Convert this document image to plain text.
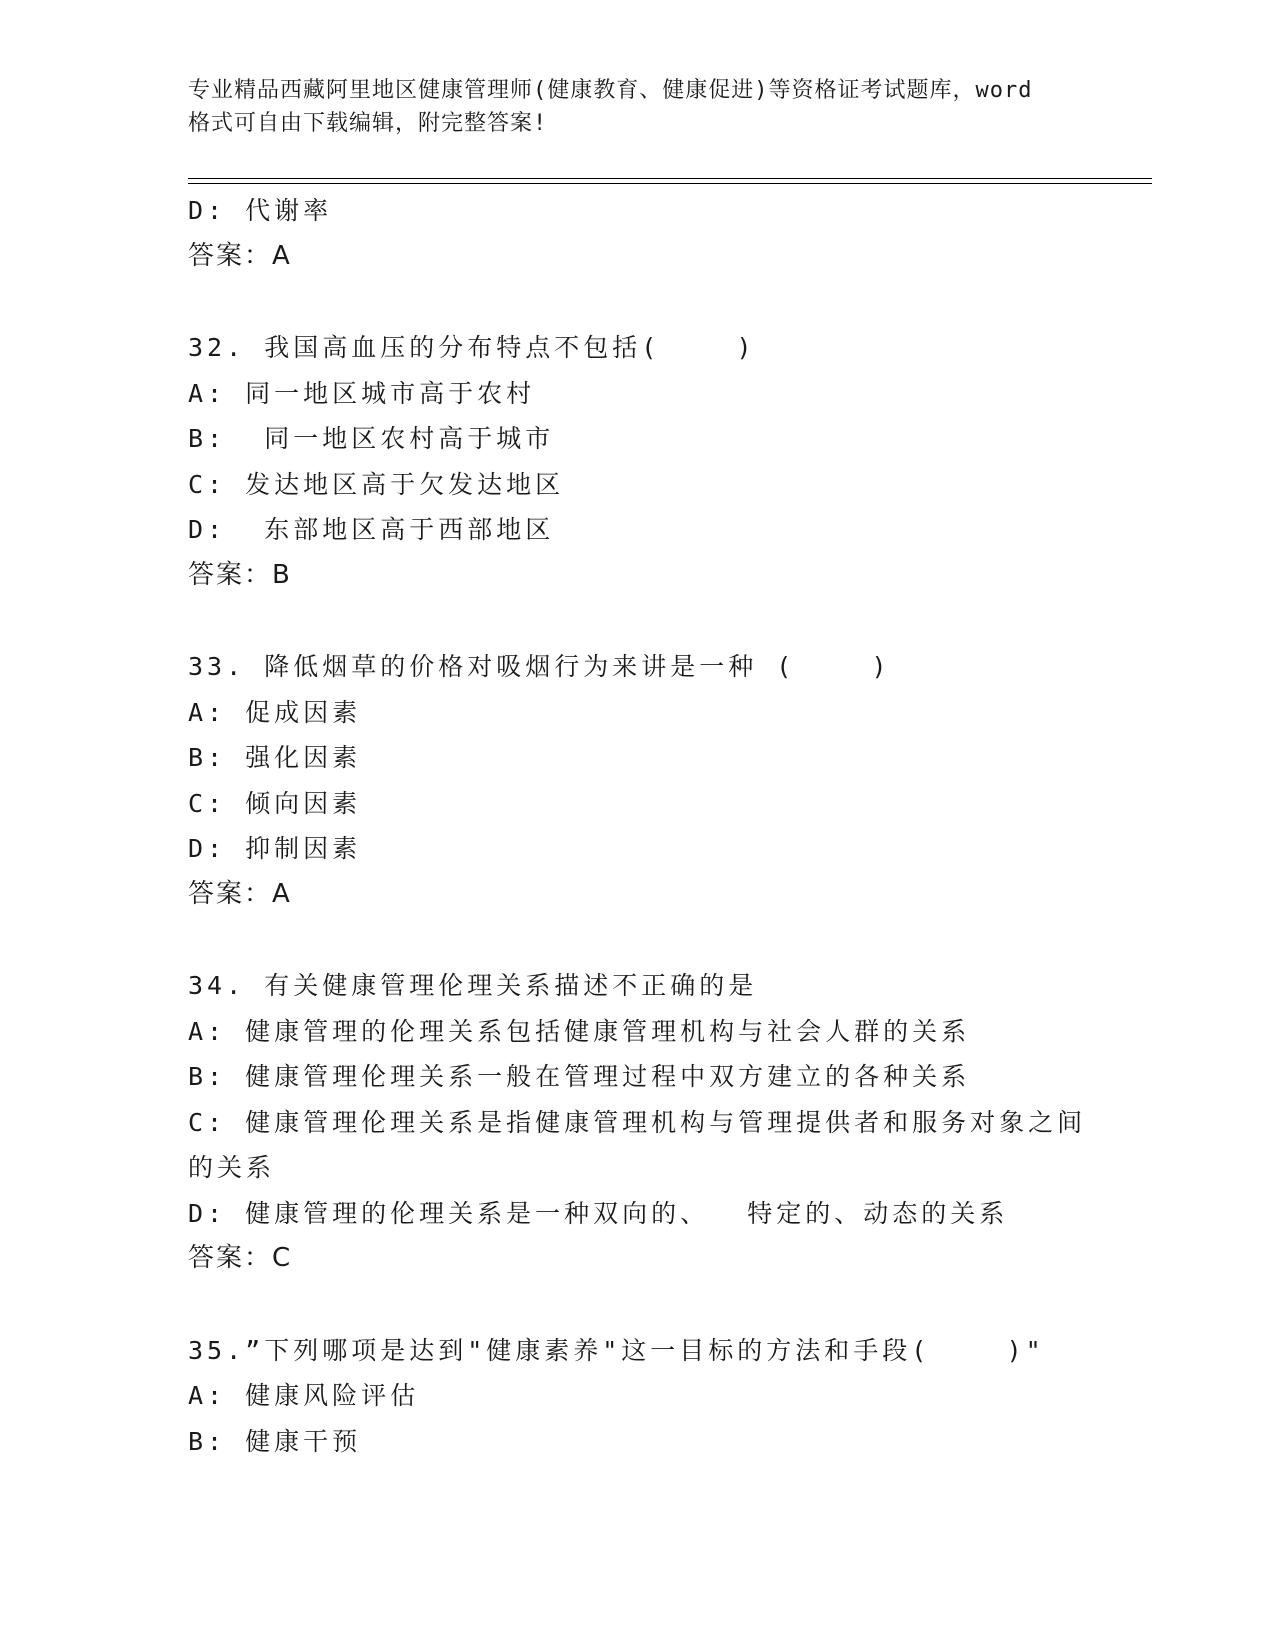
专业精品西藏阿里地区健康管理师(健康教育、健康促进)等资格证考试题库，word
格式可自由下载编辑，附完整答案!
D: 代谢率
答案：A
32. 我国高血压的分布特点不包括(    )
A: 同一地区城市高于农村
B:  同一地区农村高于城市
C: 发达地区高于欠发达地区
D:  东部地区高于西部地区
答案：B
33. 降低烟草的价格对吸烟行为来讲是一种 (    )
A: 促成因素
B: 强化因素
C: 倾向因素
D: 抑制因素
答案：A
34. 有关健康管理伦理关系描述不正确的是
A: 健康管理的伦理关系包括健康管理机构与社会人群的关系
B: 健康管理伦理关系一般在管理过程中双方建立的各种关系
C: 健康管理伦理关系是指健康管理机构与管理提供者和服务对象之间
的关系
D: 健康管理的伦理关系是一种双向的、  特定的、动态的关系
答案：C
35.”下列哪项是达到"健康素养"这一目标的方法和手段(    )"
A: 健康风险评估
B: 健康干预
